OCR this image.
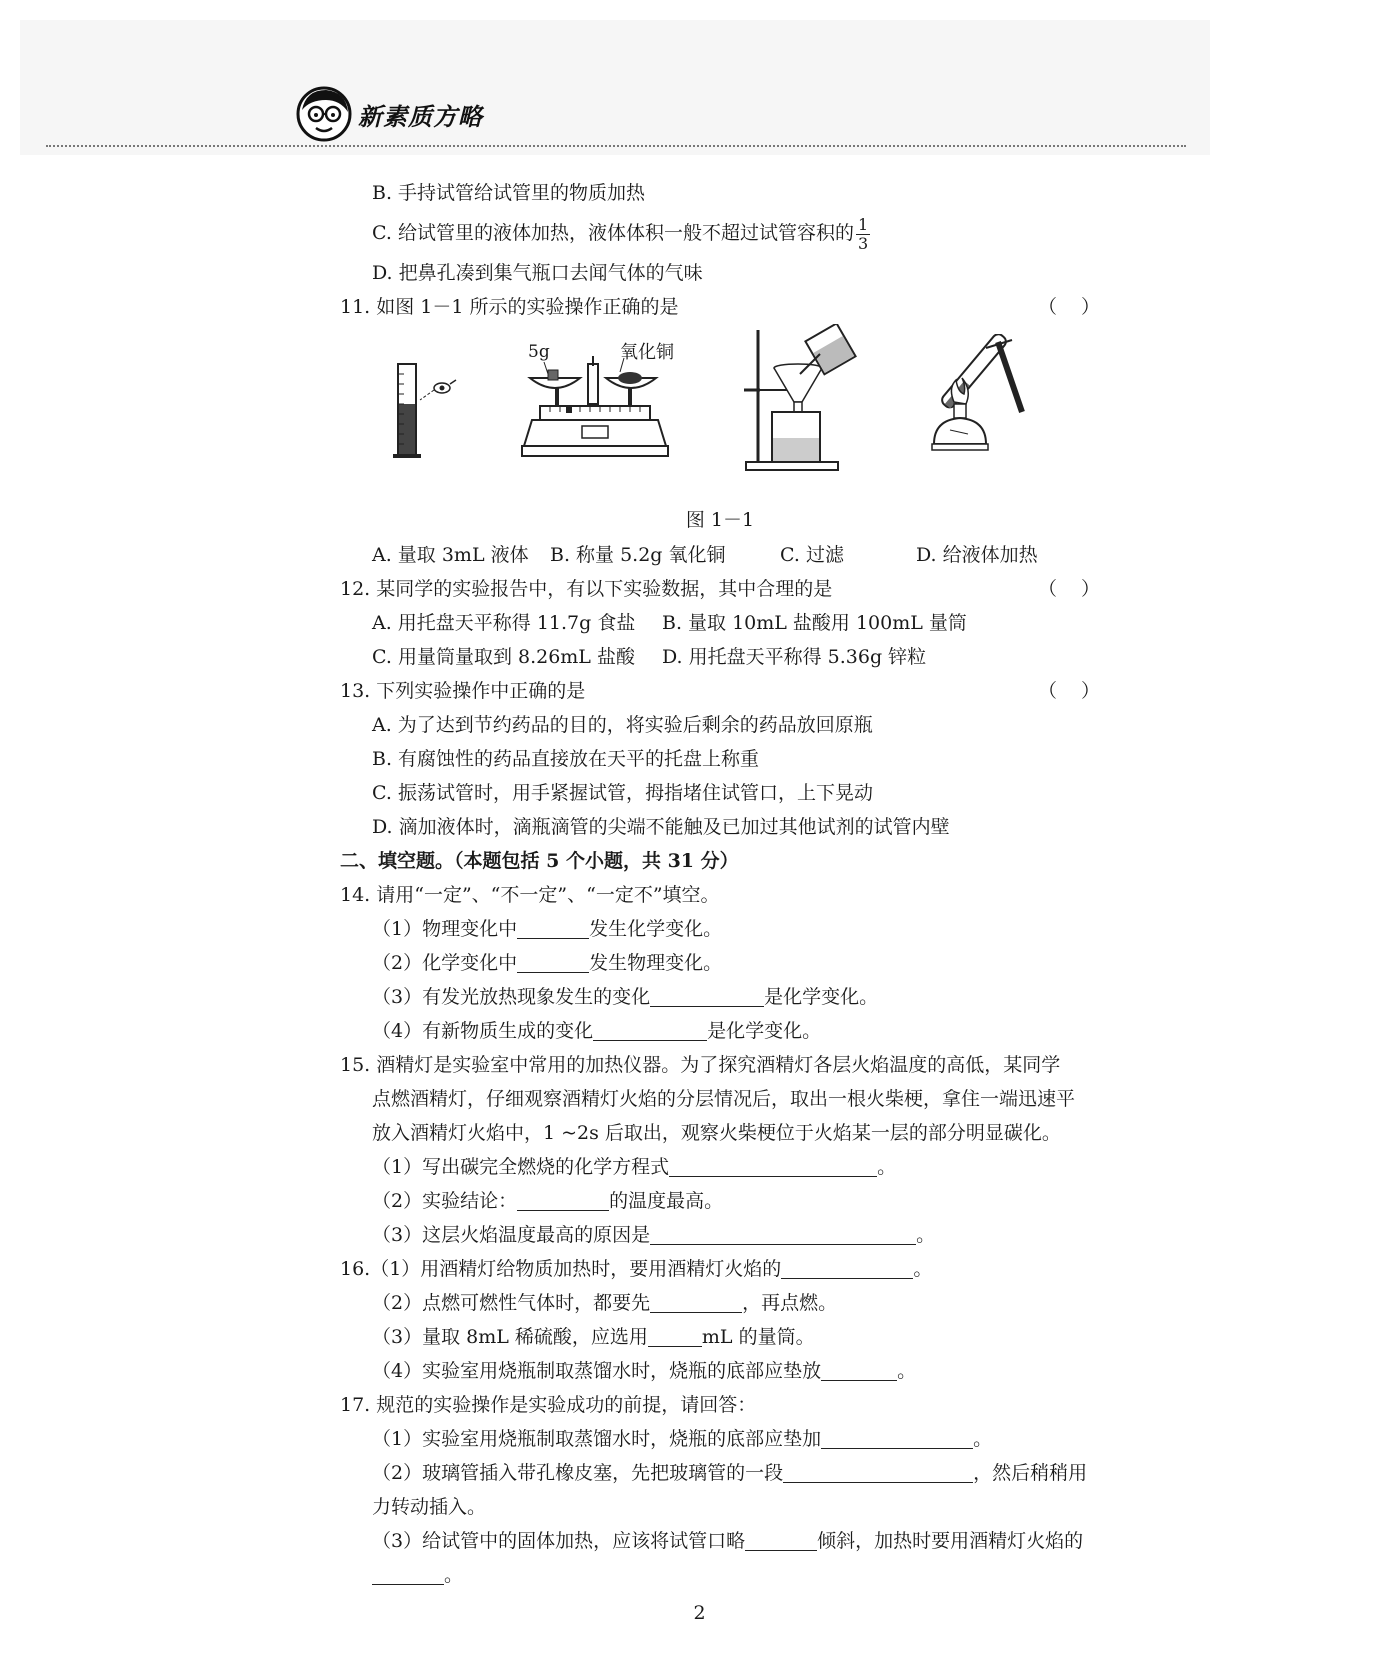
新素质方略
B. 手持试管给试管里的物质加热
C. 给试管里的液体加热，液体体积一般不超过试管容积的 $\frac{1}{3}$
D. 把鼻孔凑到集气瓶口去闻气体的气味
11. 如图 1－1 所示的实验操作正确的是	（ ）
5g	氧化铜
图 1－1
A. 量取 3mL 液体	B. 称量 5.2g 氧化铜	C. 过滤	D. 给液体加热
12. 某同学的实验报告中，有以下实验数据，其中合理的是	（ ）
A. 用托盘天平称得 11.7g 食盐	B. 量取 10mL 盐酸用 100mL 量筒
C. 用量筒量取到 8.26mL 盐酸	D. 用托盘天平称得 5.36g 锌粒
13. 下列实验操作中正确的是	（ ）
A. 为了达到节约药品的目的，将实验后剩余的药品放回原瓶
B. 有腐蚀性的药品直接放在天平的托盘上称重
C. 振荡试管时，用手紧握试管，拇指堵住试管口，上下晃动
D. 滴加液体时，滴瓶滴管的尖端不能触及已加过其他试剂的试管内壁
二、填空题。（本题包括 5 个小题，共 31 分）
14. 请用“一定”、“不一定”、“一定不”填空。
（1）物理变化中	发生化学变化。
（2）化学变化中	发生物理变化。
（3）有发光放热现象发生的变化	是化学变化。
（4）有新物质生成的变化	是化学变化。
15. 酒精灯是实验室中常用的加热仪器。为了探究酒精灯各层火焰温度的高低，某同学
点燃酒精灯，仔细观察酒精灯火焰的分层情况后，取出一根火柴梗，拿住一端迅速平
放入酒精灯火焰中，1 ~2s 后取出，观察火柴梗位于火焰某一层的部分明显碳化。
（1）写出碳完全燃烧的化学方程式	。
（2）实验结论：	的温度最高。
（3）这层火焰温度最高的原因是	。
16.（1）用酒精灯给物质加热时，要用酒精灯火焰的	。
（2）点燃可燃性气体时，都要先	，再点燃。
（3）量取 8mL 稀硫酸，应选用	mL 的量筒。
（4）实验室用烧瓶制取蒸馏水时，烧瓶的底部应垫放	。
17. 规范的实验操作是实验成功的前提，请回答：
（1）实验室用烧瓶制取蒸馏水时，烧瓶的底部应垫加	。
（2）玻璃管插入带孔橡皮塞，先把玻璃管的一段	，然后稍稍用
力转动插入。
（3）给试管中的固体加热，应该将试管口略	倾斜，加热时要用酒精灯火焰的
。
2
